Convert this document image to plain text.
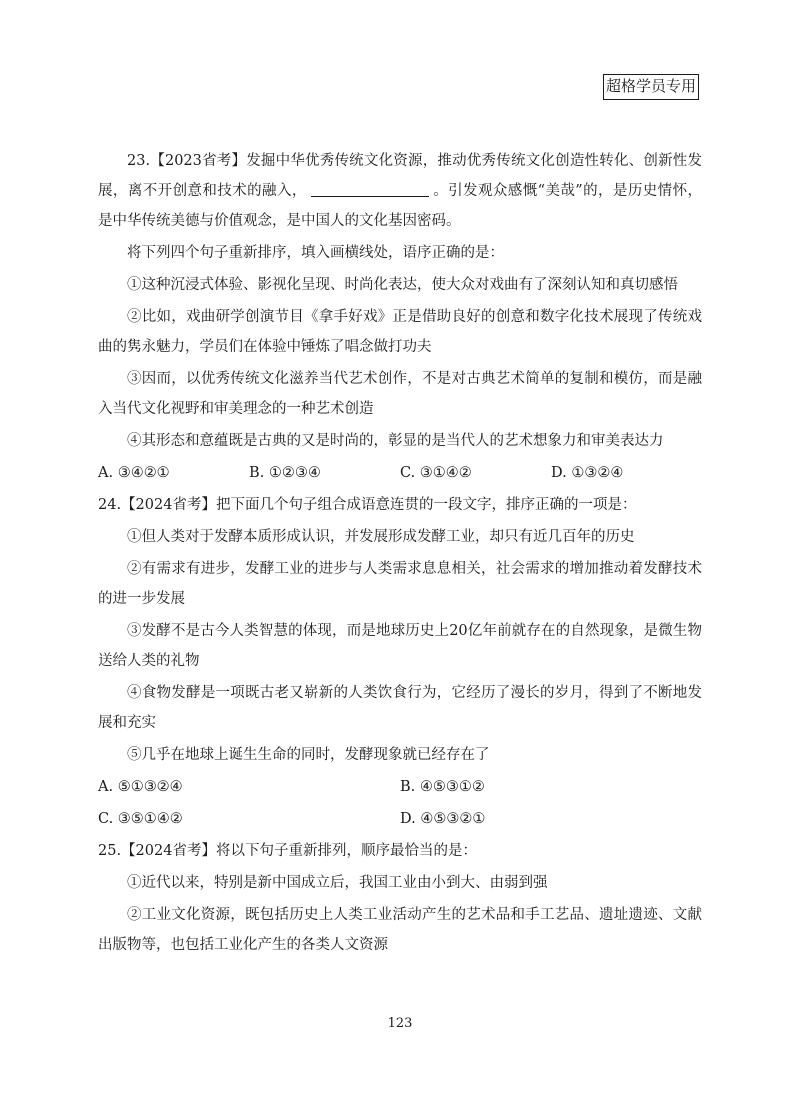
超格学员专用

23.【2023省考】发掘中华优秀传统文化资源，推动优秀传统文化创造性转化、创新性发展，离不开创意和技术的融入，	。引发观众感慨“美哉”的，是历史情怀，是中华传统美德与价值观念，是中国人的文化基因密码。

将下列四个句子重新排序，填入画横线处，语序正确的是：

①这种沉浸式体验、影视化呈现、时尚化表达，使大众对戏曲有了深刻认知和真切感悟

②比如，戏曲研学创演节目《拿手好戏》正是借助良好的创意和数字化技术展现了传统戏曲的隽永魅力，学员们在体验中锤炼了唱念做打功夫

③因而，以优秀传统文化滋养当代艺术创作，不是对古典艺术简单的复制和模仿，而是融入当代文化视野和审美理念的一种艺术创造

④其形态和意蕴既是古典的又是时尚的，彰显的是当代人的艺术想象力和审美表达力

A. ③④②①	B. ①②③④	C. ③①④②	D. ①③②④

24.【2024省考】把下面几个句子组合成语意连贯的一段文字，排序正确的一项是：

①但人类对于发酵本质形成认识，并发展形成发酵工业，却只有近几百年的历史

②有需求有进步，发酵工业的进步与人类需求息息相关，社会需求的增加推动着发酵技术的进一步发展

③发酵不是古今人类智慧的体现，而是地球历史上20亿年前就存在的自然现象，是微生物送给人类的礼物

④食物发酵是一项既古老又崭新的人类饮食行为，它经历了漫长的岁月，得到了不断地发展和充实

⑤几乎在地球上诞生生命的同时，发酵现象就已经存在了

A. ⑤①③②④	B. ④⑤③①②
C. ③⑤①④②	D. ④⑤③②①

25.【2024省考】将以下句子重新排列，顺序最恰当的是：

①近代以来，特别是新中国成立后，我国工业由小到大、由弱到强

②工业文化资源，既包括历史上人类工业活动产生的艺术品和手工艺品、遗址遗迹、文献出版物等，也包括工业化产生的各类人文资源

123
